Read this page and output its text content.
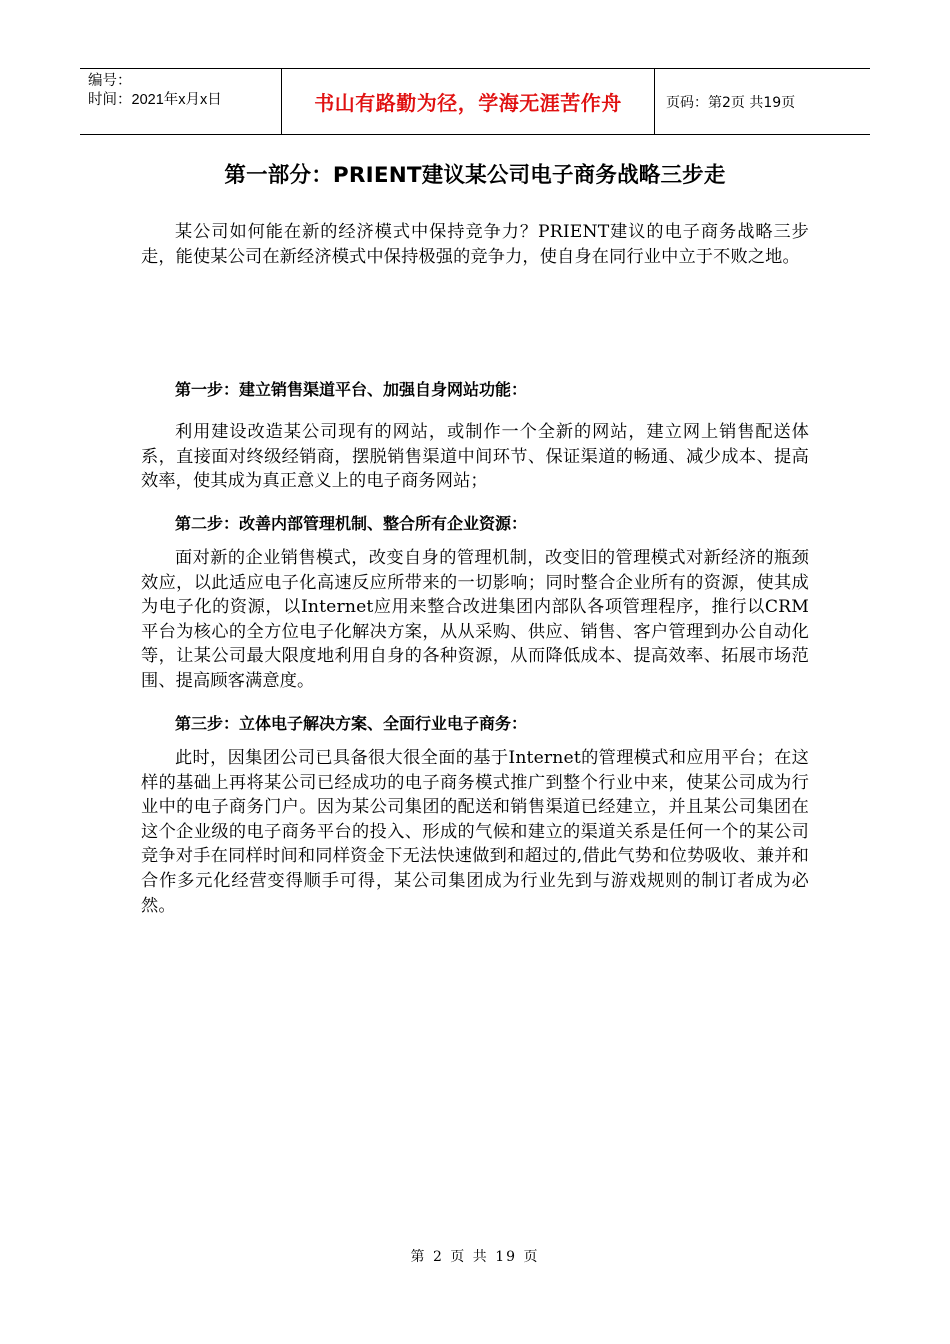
编号：
时间：2021年x月x日	书山有路勤为径，学海无涯苦作舟	页码：第2页 共19页
第一部分：PRIENT建议某公司电子商务战略三步走

某公司如何能在新的经济模式中保持竞争力？PRIENT建议的电子商务战略三步走，能使某公司在新经济模式中保持极强的竞争力，使自身在同行业中立于不败之地。

第一步：建立销售渠道平台、加强自身网站功能：

利用建设改造某公司现有的网站，或制作一个全新的网站，建立网上销售配送体系，直接面对终级经销商，摆脱销售渠道中间环节、保证渠道的畅通、减少成本、提高效率，使其成为真正意义上的电子商务网站；

第二步：改善内部管理机制、整合所有企业资源：

面对新的企业销售模式，改变自身的管理机制，改变旧的管理模式对新经济的瓶颈效应，以此适应电子化高速反应所带来的一切影响；同时整合企业所有的资源，使其成为电子化的资源，以Internet应用来整合改进集团内部队各项管理程序，推行以CRM平台为核心的全方位电子化解决方案，从从采购、供应、销售、客户管理到办公自动化等，让某公司最大限度地利用自身的各种资源，从而降低成本、提高效率、拓展市场范围、提高顾客满意度。

第三步：立体电子解决方案、全面行业电子商务：

此时，因集团公司已具备很大很全面的基于Internet的管理模式和应用平台；在这样的基础上再将某公司已经成功的电子商务模式推广到整个行业中来，使某公司成为行业中的电子商务门户。因为某公司集团的配送和销售渠道已经建立，并且某公司集团在这个企业级的电子商务平台的投入、形成的气候和建立的渠道关系是任何一个的某公司竞争对手在同样时间和同样资金下无法快速做到和超过的,借此气势和位势吸收、兼并和合作多元化经营变得顺手可得，某公司集团成为行业先到与游戏规则的制订者成为必然。

第 2 页 共 19 页
